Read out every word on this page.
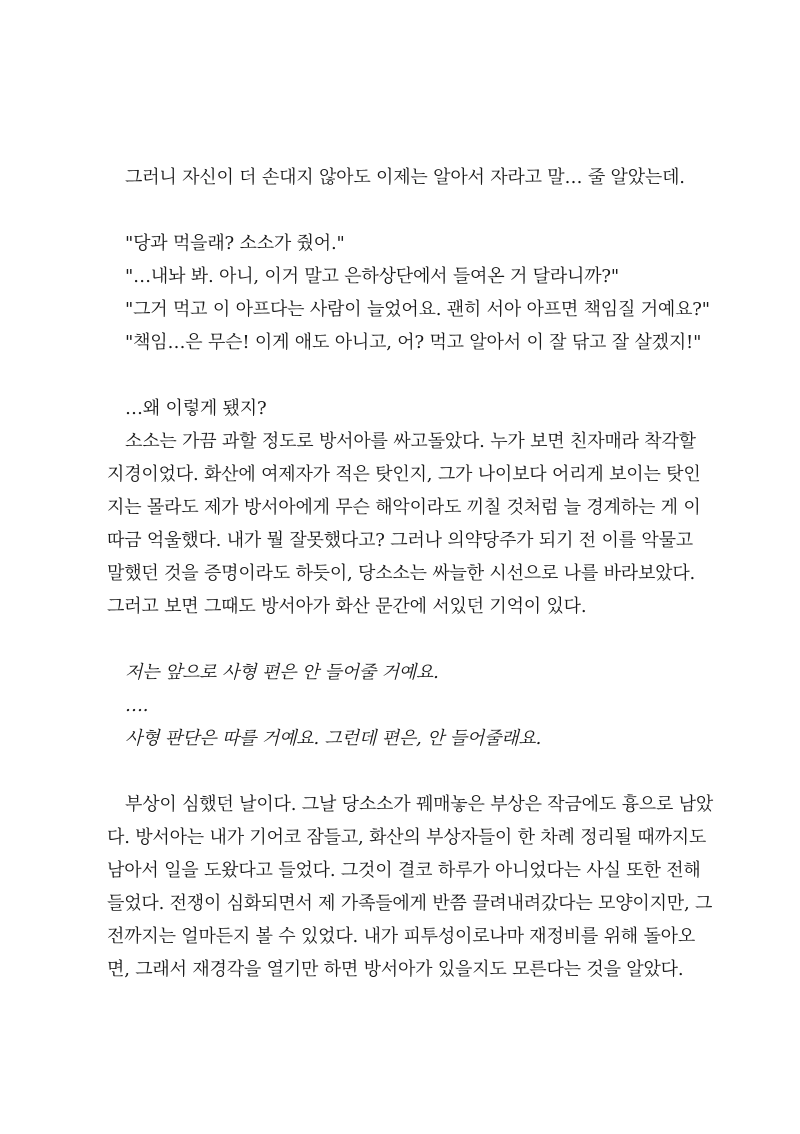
그러니 자신이 더 손대지 않아도 이제는 알아서 자라고 말… 줄 알았는데.
"당과 먹을래? 소소가 줬어."
"…내놔 봐. 아니, 이거 말고 은하상단에서 들여온 거 달라니까?"
"그거 먹고 이 아프다는 사람이 늘었어요. 괜히 서아 아프면 책임질 거예요?"
"책임…은 무슨! 이게 애도 아니고, 어? 먹고 알아서 이 잘 닦고 잘 살겠지!"
…왜 이렇게 됐지?
소소는 가끔 과할 정도로 방서아를 싸고돌았다. 누가 보면 친자매라 착각할
지경이었다. 화산에 여제자가 적은 탓인지, 그가 나이보다 어리게 보이는 탓인
지는 몰라도 제가 방서아에게 무슨 해악이라도 끼칠 것처럼 늘 경계하는 게 이
따금 억울했다. 내가 뭘 잘못했다고? 그러나 의약당주가 되기 전 이를 악물고
말했던 것을 증명이라도 하듯이, 당소소는 싸늘한 시선으로 나를 바라보았다.
그러고 보면 그때도 방서아가 화산 문간에 서있던 기억이 있다.
저는 앞으로 사형 편은 안 들어줄 거예요.
….
사형 판단은 따를 거예요. 그런데 편은, 안 들어줄래요.
부상이 심했던 날이다. 그날 당소소가 꿰매놓은 부상은 작금에도 흉으로 남았
다. 방서아는 내가 기어코 잠들고, 화산의 부상자들이 한 차례 정리될 때까지도
남아서 일을 도왔다고 들었다. 그것이 결코 하루가 아니었다는 사실 또한 전해
들었다. 전쟁이 심화되면서 제 가족들에게 반쯤 끌려내려갔다는 모양이지만, 그
전까지는 얼마든지 볼 수 있었다. 내가 피투성이로나마 재정비를 위해 돌아오
면, 그래서 재경각을 열기만 하면 방서아가 있을지도 모른다는 것을 알았다.
